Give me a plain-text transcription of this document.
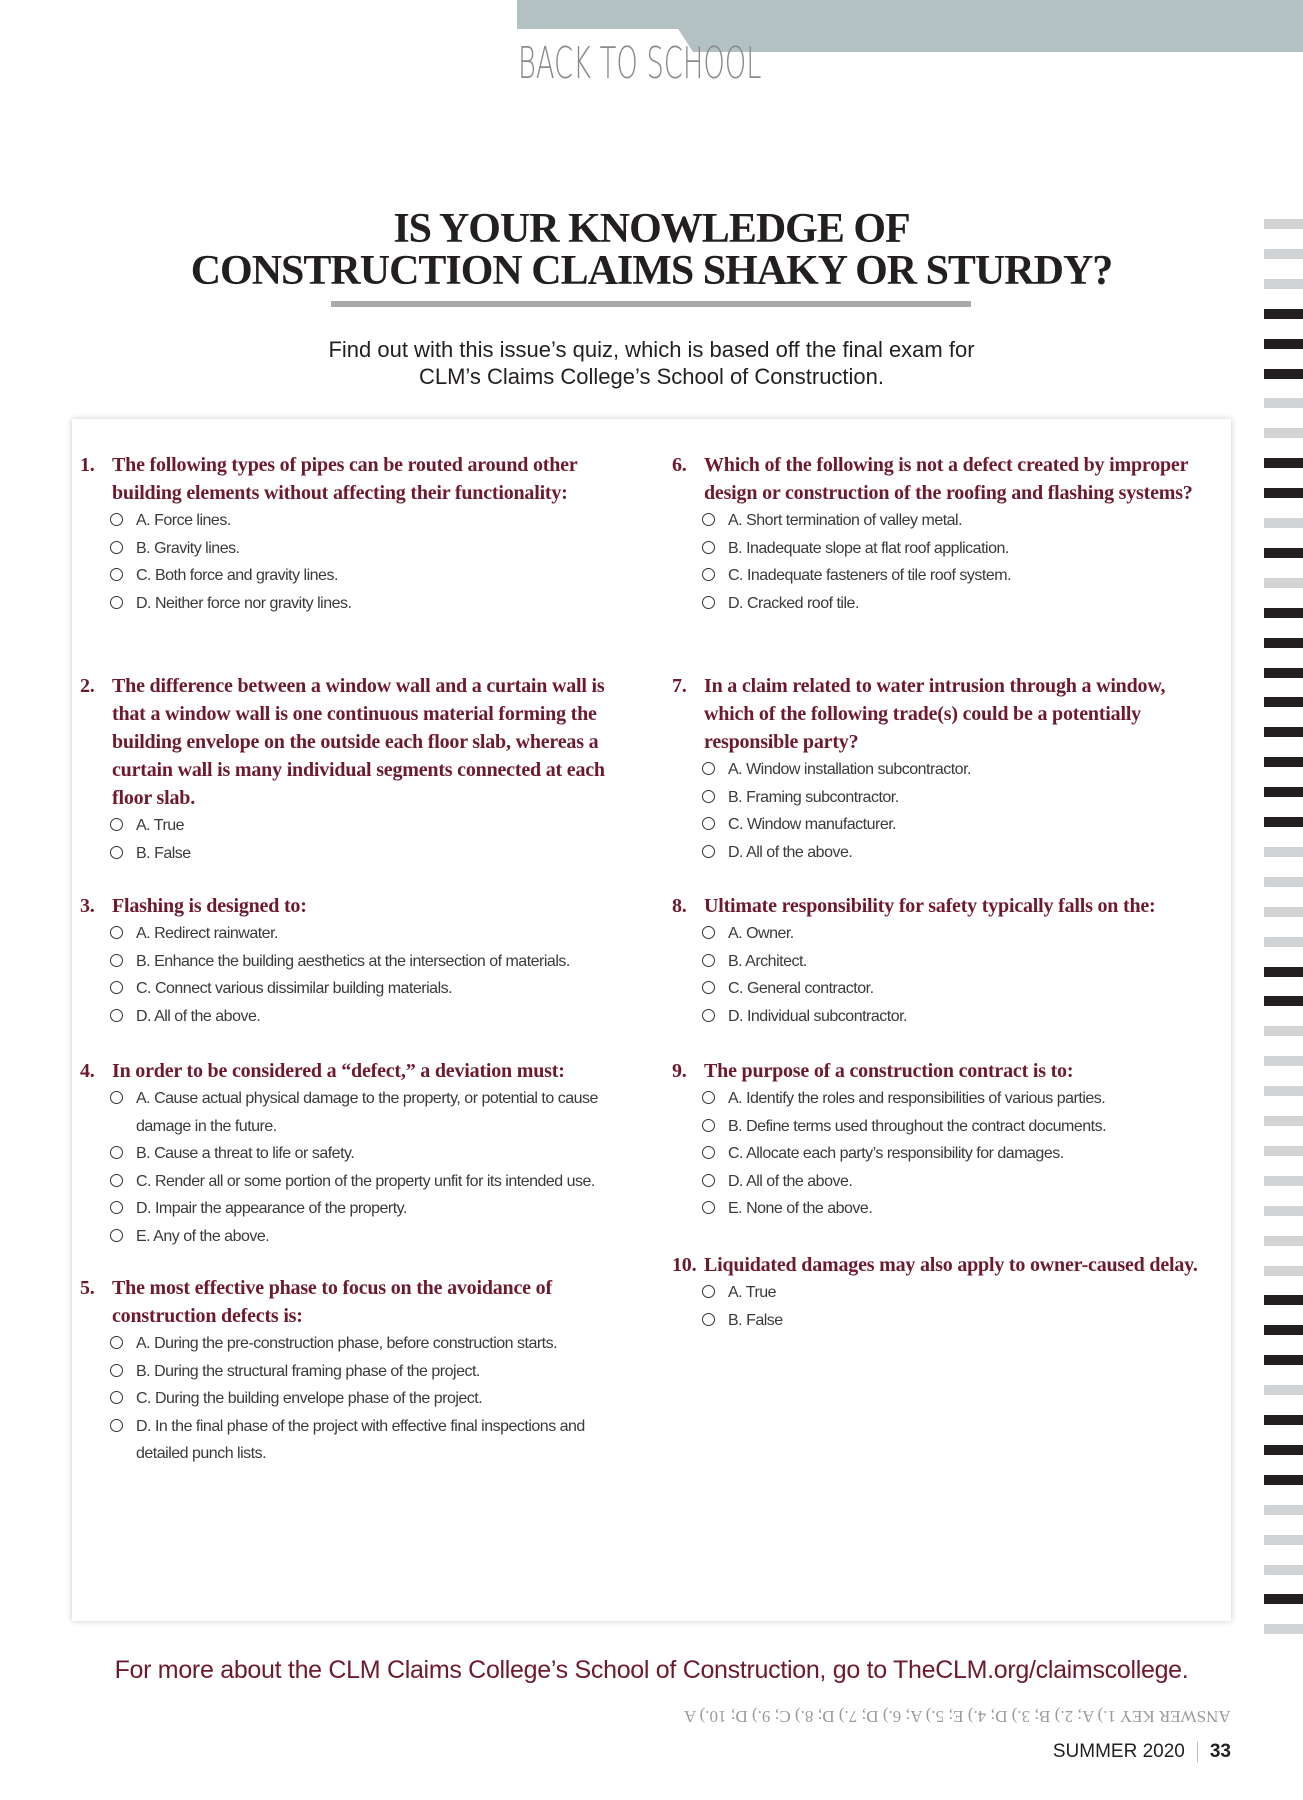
BACK TO SCHOOL
IS YOUR KNOWLEDGE OF
CONSTRUCTION CLAIMS SHAKY OR STURDY?
Find out with this issue’s quiz, which is based off the final exam for
CLM’s Claims College’s School of Construction.
1. The following types of pipes can be routed around other building elements without affecting their functionality:
A. Force lines.
B. Gravity lines.
C. Both force and gravity lines.
D. Neither force nor gravity lines.
2. The difference between a window wall and a curtain wall is that a window wall is one continuous material forming the building envelope on the outside each floor slab, whereas a curtain wall is many individual segments connected at each floor slab.
A. True
B. False
3. Flashing is designed to:
A. Redirect rainwater.
B. Enhance the building aesthetics at the intersection of materials.
C. Connect various dissimilar building materials.
D. All of the above.
4. In order to be considered a “defect,” a deviation must:
A. Cause actual physical damage to the property, or potential to cause damage in the future.
B. Cause a threat to life or safety.
C. Render all or some portion of the property unfit for its intended use.
D. Impair the appearance of the property.
E. Any of the above.
5. The most effective phase to focus on the avoidance of construction defects is:
A. During the pre-construction phase, before construction starts.
B. During the structural framing phase of the project.
C. During the building envelope phase of the project.
D. In the final phase of the project with effective final inspections and detailed punch lists.
6. Which of the following is not a defect created by improper design or construction of the roofing and flashing systems?
A. Short termination of valley metal.
B. Inadequate slope at flat roof application.
C. Inadequate fasteners of tile roof system.
D. Cracked roof tile.
7. In a claim related to water intrusion through a window, which of the following trade(s) could be a potentially responsible party?
A. Window installation subcontractor.
B. Framing subcontractor.
C. Window manufacturer.
D. All of the above.
8. Ultimate responsibility for safety typically falls on the:
A. Owner.
B. Architect.
C. General contractor.
D. Individual subcontractor.
9. The purpose of a construction contract is to:
A. Identify the roles and responsibilities of various parties.
B. Define terms used throughout the contract documents.
C. Allocate each party’s responsibility for damages.
D. All of the above.
E. None of the above.
10. Liquidated damages may also apply to owner-caused delay.
A. True
B. False
For more about the CLM Claims College’s School of Construction, go to TheCLM.org/claimscollege.
ANSWER KEY 1.) A; 2.) B; 3.) D; 4.) E; 5.) A; 6.) D; 7.) D; 8.) C; 9.) D; 10.) A
SUMMER 2020 33
